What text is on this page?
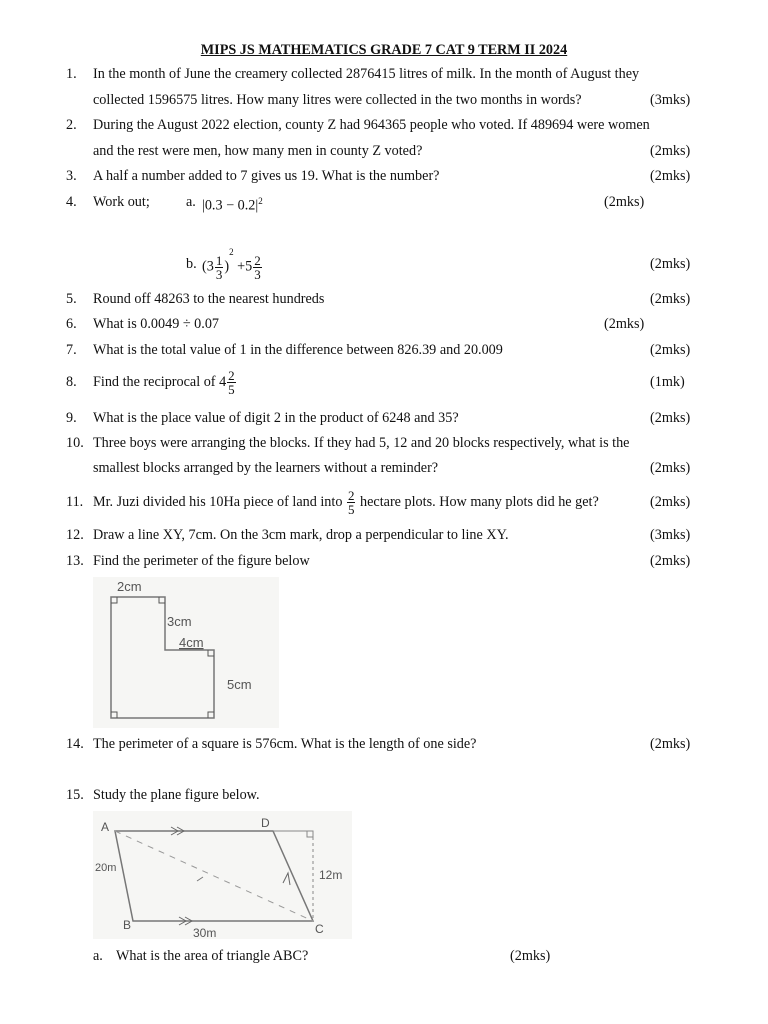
MIPS JS MATHEMATICS GRADE 7 CAT 9 TERM II 2024
1.	In the month of June the creamery collected 2876415 litres of milk. In the month of August they
collected 1596575 litres. How many litres were collected in the two months in words?	(3mks)
2.	During the August 2022 election, county Z had 964365 people who voted. If 489694 were women
and the rest were men, how many men in county Z voted?	(2mks)
3.	A half a number added to 7 gives us 19. What is the number?	(2mks)
4.	Work out;	a. $|0.3 - 0.2|^2$	(2mks)
b. $(3 \frac{1}{3} )^2 +5 \frac{2}{3}$	(2mks)
5.	Round off 48263 to the nearest hundreds	(2mks)
6.	What is 0.0049 ÷ 0.07	(2mks)
7.	What is the total value of 1 in the difference between 826.39 and 20.009	(2mks)
8.	Find the reciprocal of $4 \frac{2}{5}$	(1mk)
9.	What is the place value of digit 2 in the product of 6248 and 35?	(2mks)
10. Three boys were arranging the blocks. If they had 5, 12 and 20 blocks respectively, what is the
smallest blocks arranged by the learners without a reminder?	(2mks)
11. Mr. Juzi divided his 10Ha piece of land into $\frac{2}{5}$ hectare plots. How many plots did he get?	(2mks)
12. Draw a line XY, 7cm. On the 3cm mark, drop a perpendicular to line XY.	(3mks)
13. Find the perimeter of the figure below	(2mks)
2cm
3cm
4cm
5cm
14. The perimeter of a square is 576cm. What is the length of one side?	(2mks)
15. Study the plane figure below.
A	D
B	C
20m
30m
12m
a. What is the area of triangle ABC?	(2mks)
